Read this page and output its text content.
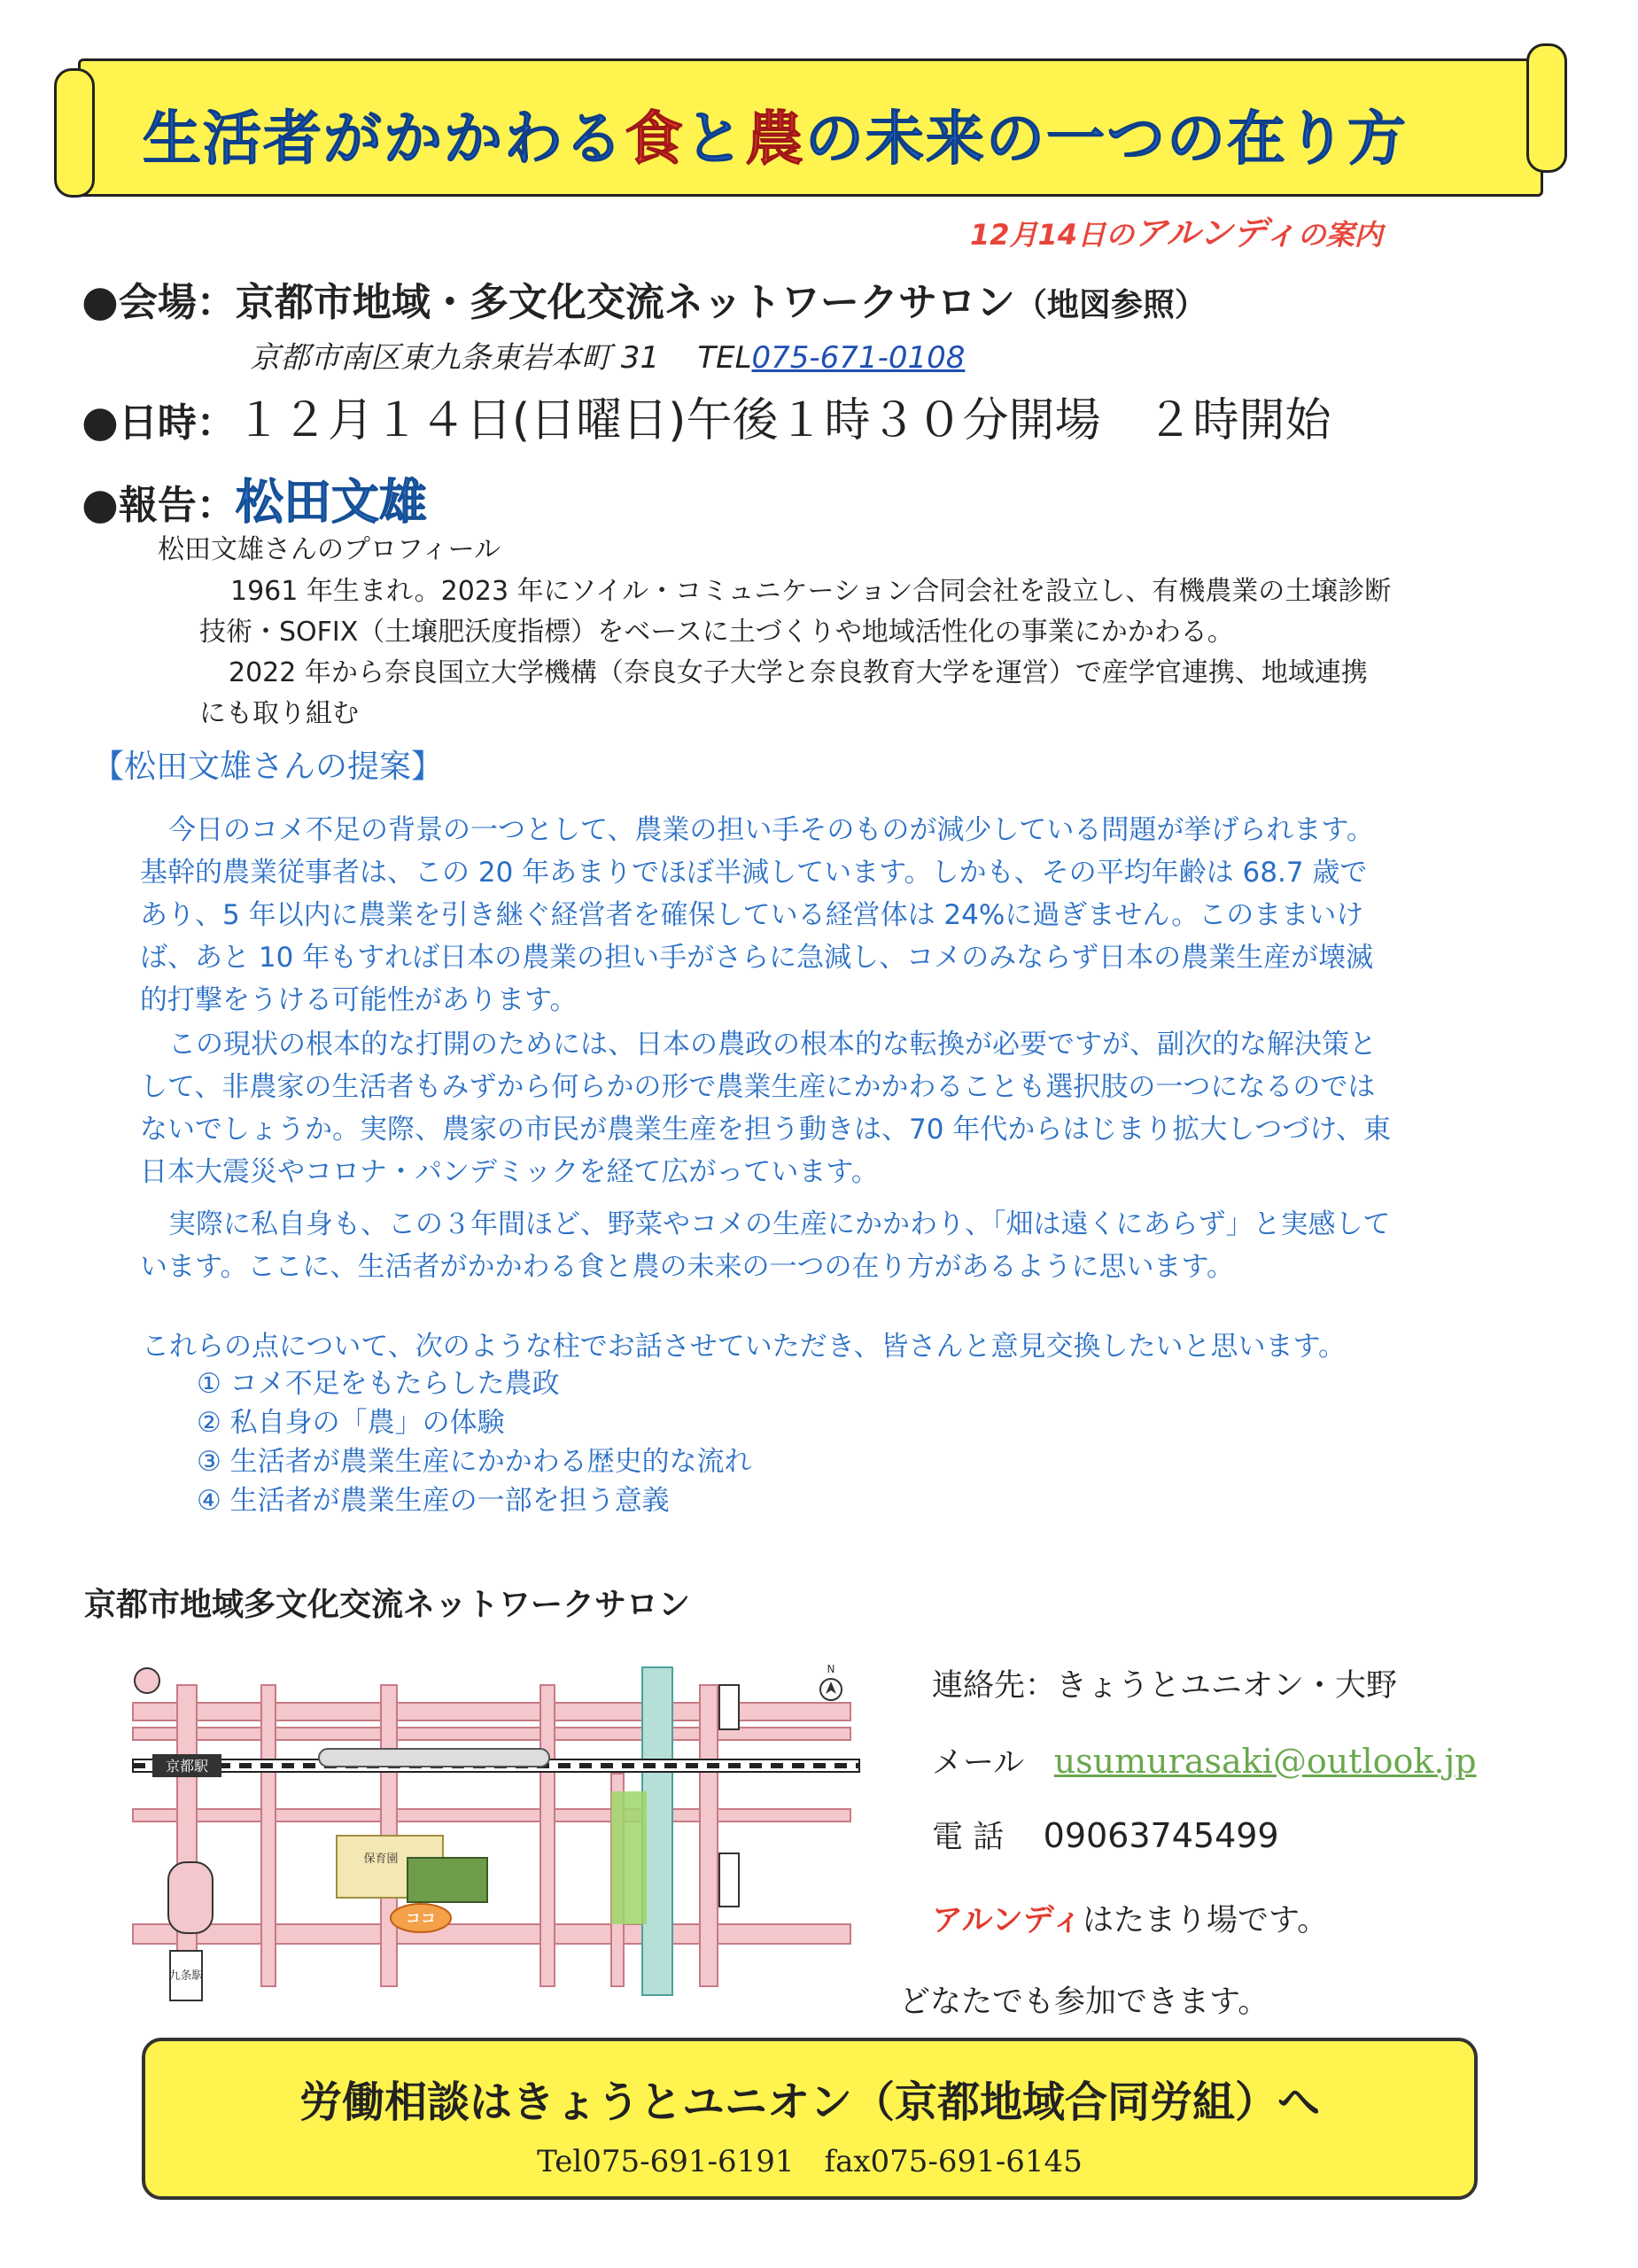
生活者がかかわる食と農の未来の一つの在り方
12月14日のアルンディの案内
●会場：京都市地域・多文化交流ネットワークサロン（地図参照）
京都市南区東九条東岩本町 31 TEL075-671-0108
●日時：１２月１４日(日曜日)午後１時３０分開場　２時開始
●報告：松田文雄
松田文雄さんのプロフィール
1961 年生まれ。2023 年にソイル・コミュニケーション合同会社を設立し、有機農業の土壌診断
技術・SOFIX（土壌肥沃度指標）をベースに土づくりや地域活性化の事業にかかわる。
2022 年から奈良国立大学機構（奈良女子大学と奈良教育大学を運営）で産学官連携、地域連携
にも取り組む
【松田文雄さんの提案】
今日のコメ不足の背景の一つとして、農業の担い手そのものが減少している問題が挙げられます。
基幹的農業従事者は、この 20 年あまりでほぼ半減しています。しかも、その平均年齢は 68.7 歳で
あり、5 年以内に農業を引き継ぐ経営者を確保している経営体は 24%に過ぎません。このままいけ
ば、あと 10 年もすれば日本の農業の担い手がさらに急減し、コメのみならず日本の農業生産が壊滅
的打撃をうける可能性があります。
この現状の根本的な打開のためには、日本の農政の根本的な転換が必要ですが、副次的な解決策と
して、非農家の生活者もみずから何らかの形で農業生産にかかわることも選択肢の一つになるのでは
ないでしょうか。実際、農家の市民が農業生産を担う動きは、70 年代からはじまり拡大しつづけ、東
日本大震災やコロナ・パンデミックを経て広がっています。
実際に私自身も、この３年間ほど、野菜やコメの生産にかかわり、「畑は遠くにあらず」と実感して
います。ここに、生活者がかかわる食と農の未来の一つの在り方があるように思います。
これらの点について、次のような柱でお話させていただき、皆さんと意見交換したいと思います。
① コメ不足をもたらした農政
② 私自身の「農」の体験
③ 生活者が農業生産にかかわる歴史的な流れ
④ 生活者が農業生産の一部を担う意義
京都市地域多文化交流ネットワークサロン
京都駅
九条駅
保育園
ココ
N	連絡先：きょうとユニオン・大野
メール usumurasaki@outlook.jp
電 話 09063745499
アルンディはたまり場です。
どなたでも参加できます。
労働相談はきょうとユニオン（京都地域合同労組）へ
Tel075-691-6191　fax075-691-6145
